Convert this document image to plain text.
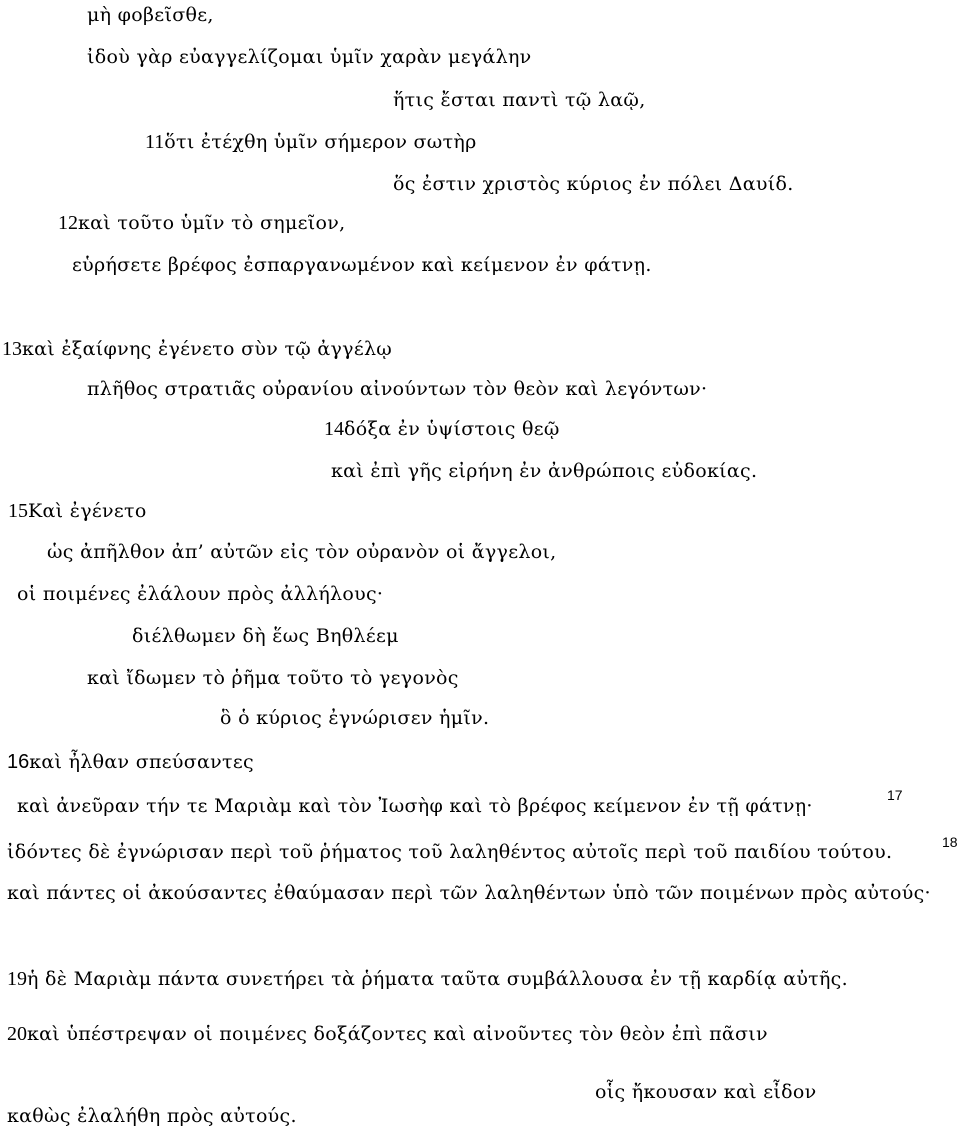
μὴ φοβεῖσθε,
ἰδοὺ γὰρ εὐαγγελίζομαι ὑμῖν χαρὰν μεγάλην
ἥτις ἔσται παντὶ τῷ λαῷ,
11ὅτι ἐτέχθη ὑμῖν σήμερον σωτὴρ
ὅς ἐστιν χριστὸς κύριος ἐν πόλει Δαυίδ.
12καὶ τοῦτο ὑμῖν τὸ σημεῖον,
εὑρήσετε βρέφος ἐσπαργανωμένον καὶ κείμενον ἐν φάτνῃ.
13καὶ ἐξαίφνης ἐγένετο σὺν τῷ ἀγγέλῳ
πλῆθος στρατιᾶς οὐρανίου αἰνούντων τὸν θεὸν καὶ λεγόντων·
14δόξα ἐν ὑψίστοις θεῷ
καὶ ἐπὶ γῆς εἰρήνη ἐν ἀνθρώποις εὐδοκίας.
15Καὶ ἐγένετο
ὡς ἀπῆλθον ἀπ’ αὐτῶν εἰς τὸν οὐρανὸν οἱ ἄγγελοι,
οἱ ποιμένες ἐλάλουν πρὸς ἀλλήλους·
διέλθωμεν δὴ ἕως Βηθλέεμ
καὶ ἴδωμεν τὸ ῥῆμα τοῦτο τὸ γεγονὸς
ὃ ὁ κύριος ἐγνώρισεν ἡμῖν.
16καὶ ἦλθαν σπεύσαντες
καὶ ἀνεῦραν τήν τε Μαριὰμ καὶ τὸν Ἰωσὴφ καὶ τὸ βρέφος κείμενον ἐν τῇ φάτνῃ·	17
ἰδόντες δὲ ἐγνώρισαν περὶ τοῦ ῥήματος τοῦ λαληθέντος αὐτοῖς περὶ τοῦ παιδίου τούτου.	18
καὶ πάντες οἱ ἀκούσαντες ἐθαύμασαν περὶ τῶν λαληθέντων ὑπὸ τῶν ποιμένων πρὸς αὐτούς·
19ἡ δὲ Μαριὰμ πάντα συνετήρει τὰ ῥήματα ταῦτα συμβάλλουσα ἐν τῇ καρδίᾳ αὐτῆς.
20καὶ ὑπέστρεψαν οἱ ποιμένες δοξάζοντες καὶ αἰνοῦντες τὸν θεὸν ἐπὶ πᾶσιν
οἷς ἤκουσαν καὶ εἶδον
καθὼς ἐλαλήθη πρὸς αὐτούς.
